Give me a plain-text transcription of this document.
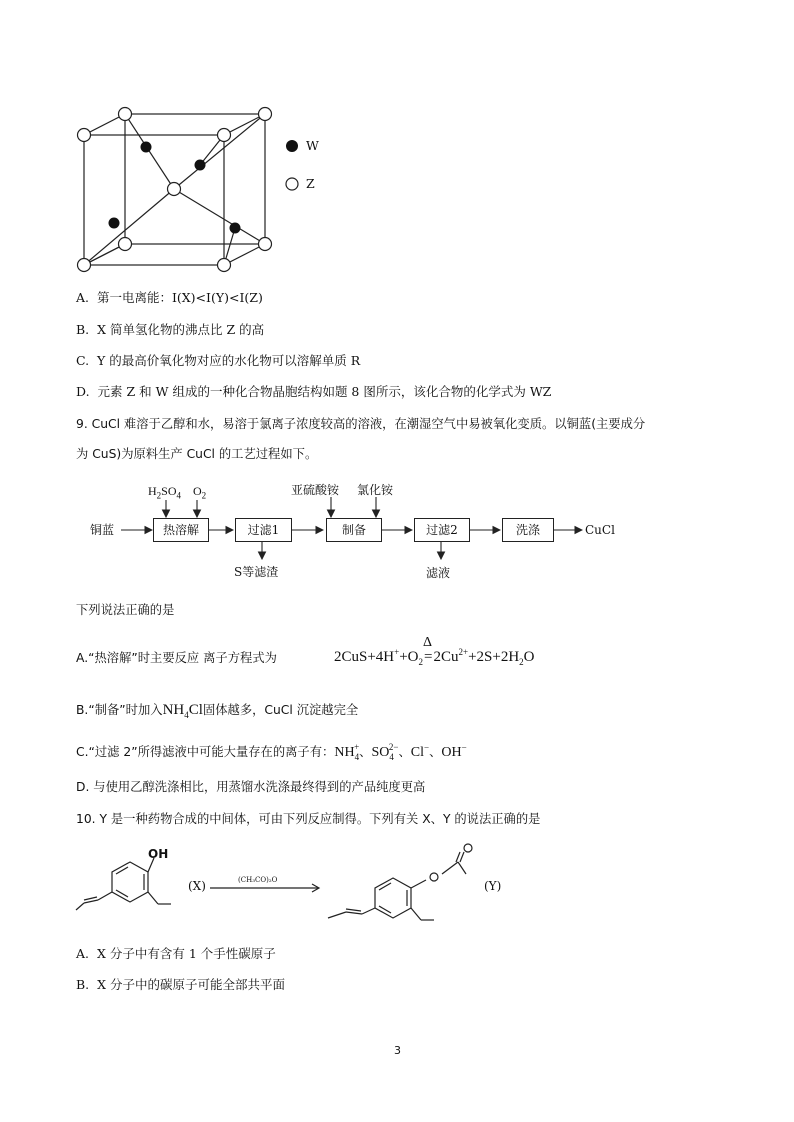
W
Z
A. 第一电离能：I(X)<I(Y)<I(Z)
B. X 简单氢化物的沸点比 Z 的高
C. Y 的最高价氧化物对应的水化物可以溶解单质 R
D. 元素 Z 和 W 组成的一种化合物晶胞结构如题 8 图所示，该化合物的化学式为 WZ
9. CuCl 难溶于乙醇和水，易溶于氯离子浓度较高的溶液，在潮湿空气中易被氧化变质。以铜蓝(主要成分
为 CuS)为原料生产 CuCl 的工艺过程如下。
铜蓝
$H_2SO_4$ $O_2$
热溶解	过滤1	制备	过滤2	洗涤	CuCl
亚硫酸铵 氯化铵
S等滤渣	滤液
下列说法正确的是
A.“热溶解”时主要反应 离子方程式为	$2CuS+4H^++O_2=$
Δ
$2Cu^{2+}+2S+2H_2O$
B.“制备”时加入$NH_4Cl$固体越多，CuCl 沉淀越完全
C.“过滤 2”所得滤液中可能大量存在的离子有：$NH_4^+$、$SO_4^{2-}$、Cl−、OH−
D. 与使用乙醇洗涤相比，用蒸馏水洗涤最终得到的产品纯度更高
10. Y 是一种药物合成的中间体，可由下列反应制得。下列有关 X、Y 的说法正确的是
OH
(X)	(CH₃CO)₂O	(Y)
A. X 分子中有含有 1 个手性碳原子
B. X 分子中的碳原子可能全部共平面
3
